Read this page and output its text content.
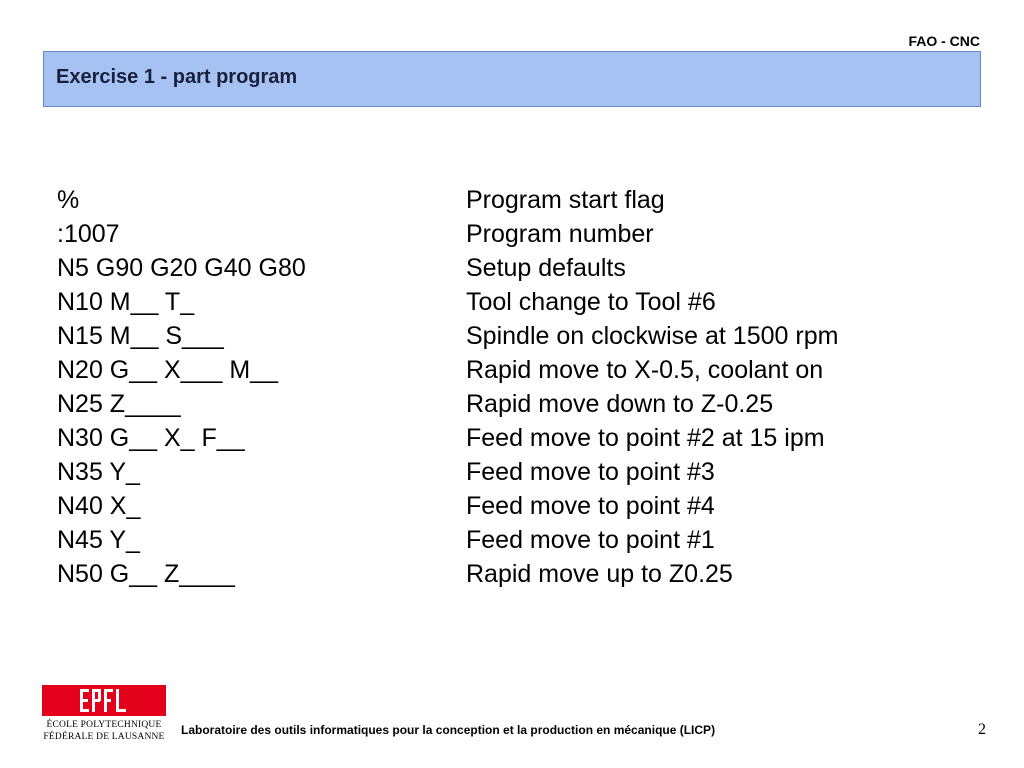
FAO - CNC
Exercise 1 - part program
%	Program start flag
:1007	Program number
N5 G90 G20 G40 G80	Setup defaults
N10 M__ T_	Tool change to Tool #6
N15 M__ S___	Spindle on clockwise at 1500 rpm
N20 G__ X___ M__	Rapid move to X-0.5, coolant on
N25 Z____	Rapid move down to Z-0.25
N30 G__ X_ F__	Feed move to point #2 at 15 ipm
N35 Y_	Feed move to point #3
N40 X_	Feed move to point #4
N45 Y_	Feed move to point #1
N50 G__ Z____	Rapid move up to Z0.25
ÉCOLE POLYTECHNIQUE
FÉDÉRALE DE LAUSANNE Laboratoire des outils informatiques pour la conception et la production en mécanique (LICP)	2
